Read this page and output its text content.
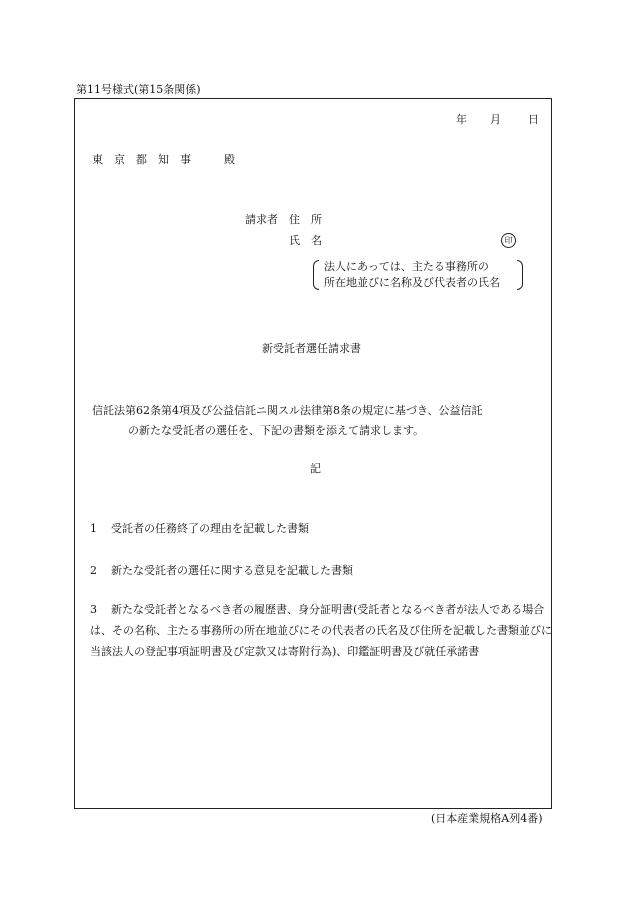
第11号様式(第15条関係)
年 月 日
東　京　都　知　事　　　殿
請求者 住　所
氏　名	印
法人にあっては、主たる事務所の
所在地並びに名称及び代表者の氏名
新受託者選任請求書
信託法第62条第4項及び公益信託ニ関スル法律第8条の規定に基づき、公益信託
の新たな受託者の選任を、下記の書類を添えて請求します。
記
1 受託者の任務終了の理由を記載した書類
2 新たな受託者の選任に関する意見を記載した書類
3	新たな受託者となるべき者の履歴書、身分証明書(受託者となるべき者が法人である場合は、その名称、主たる事務所の所在地並びにその代表者の氏名及び住所を記載した書類並びに当該法人の登記事項証明書及び定款又は寄附行為)、印鑑証明書及び就任承諾書
(日本産業規格A列4番)
